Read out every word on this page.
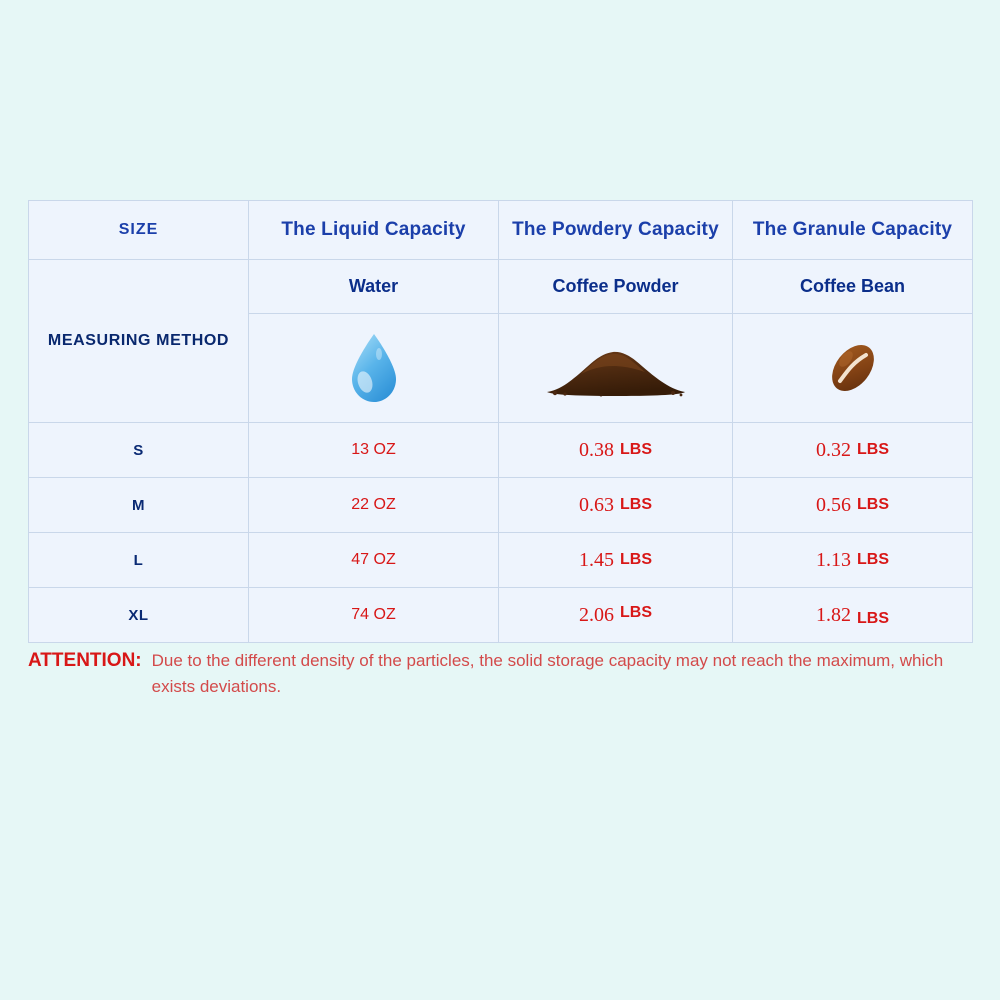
SIZE	The Liquid Capacity	The Powdery Capacity	The Granule Capacity
MEASURING METHOD	Water	Coffee Powder	Coffee Bean

S	13 OZ	0.38 LBS	0.32 LBS
M	22 OZ	0.63 LBS	0.56 LBS
L	47 OZ	1.45 LBS	1.13 LBS
XL	74 OZ	2.06 $^{LBS}$	1.82 LBS
ATTENTION: Due to the different density of the particles, the solid storage capacity may not reach the maximum, which exists deviations.
